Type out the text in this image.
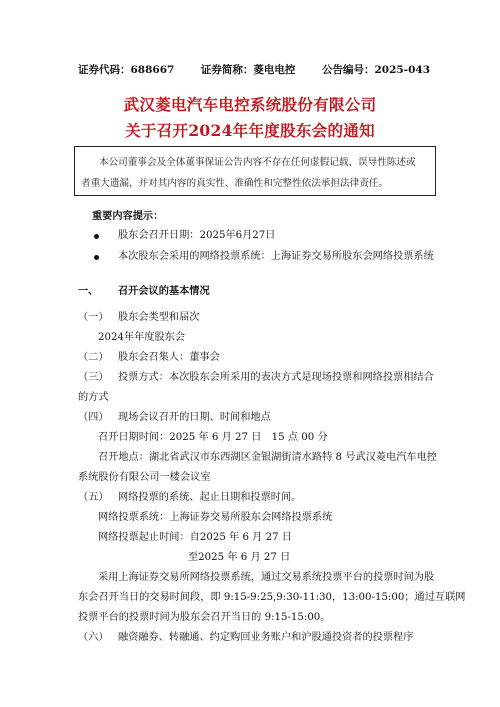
证券代码：688667	证券简称：菱电电控	公告编号：2025-043
武汉菱电汽车电控系统股份有限公司
关于召开2024年年度股东会的通知
本公司董事会及全体董事保证公告内容不存在任何虚假记载、误导性陈述或
者重大遗漏，并对其内容的真实性、准确性和完整性依法承担法律责任。
重要内容提示：
股东会召开日期：2025年6月27日
本次股东会采用的网络投票系统：上海证券交易所股东会网络投票系统
一、 召开会议的基本情况
（一） 股东会类型和届次
2024年年度股东会
（二） 股东会召集人：董事会
（三） 投票方式：本次股东会所采用的表决方式是现场投票和网络投票相结合
的方式
（四） 现场会议召开的日期、时间和地点
召开日期时间：2025 年 6 月 27 日　15 点 00 分
召开地点：湖北省武汉市东西湖区金银湖街清水路特 8 号武汉菱电汽车电控
系统股份有限公司一楼会议室
（五） 网络投票的系统、起止日期和投票时间。
网络投票系统：上海证券交易所股东会网络投票系统
网络投票起止时间：自2025 年 6 月 27 日
至2025 年 6 月 27 日
采用上海证券交易所网络投票系统，通过交易系统投票平台的投票时间为股
东会召开当日的交易时间段，即 9:15-9:25,9:30-11:30，13:00-15:00；通过互联网
投票平台的投票时间为股东会召开当日的 9:15-15:00。
（六） 融资融券、转融通、约定购回业务账户和沪股通投资者的投票程序
